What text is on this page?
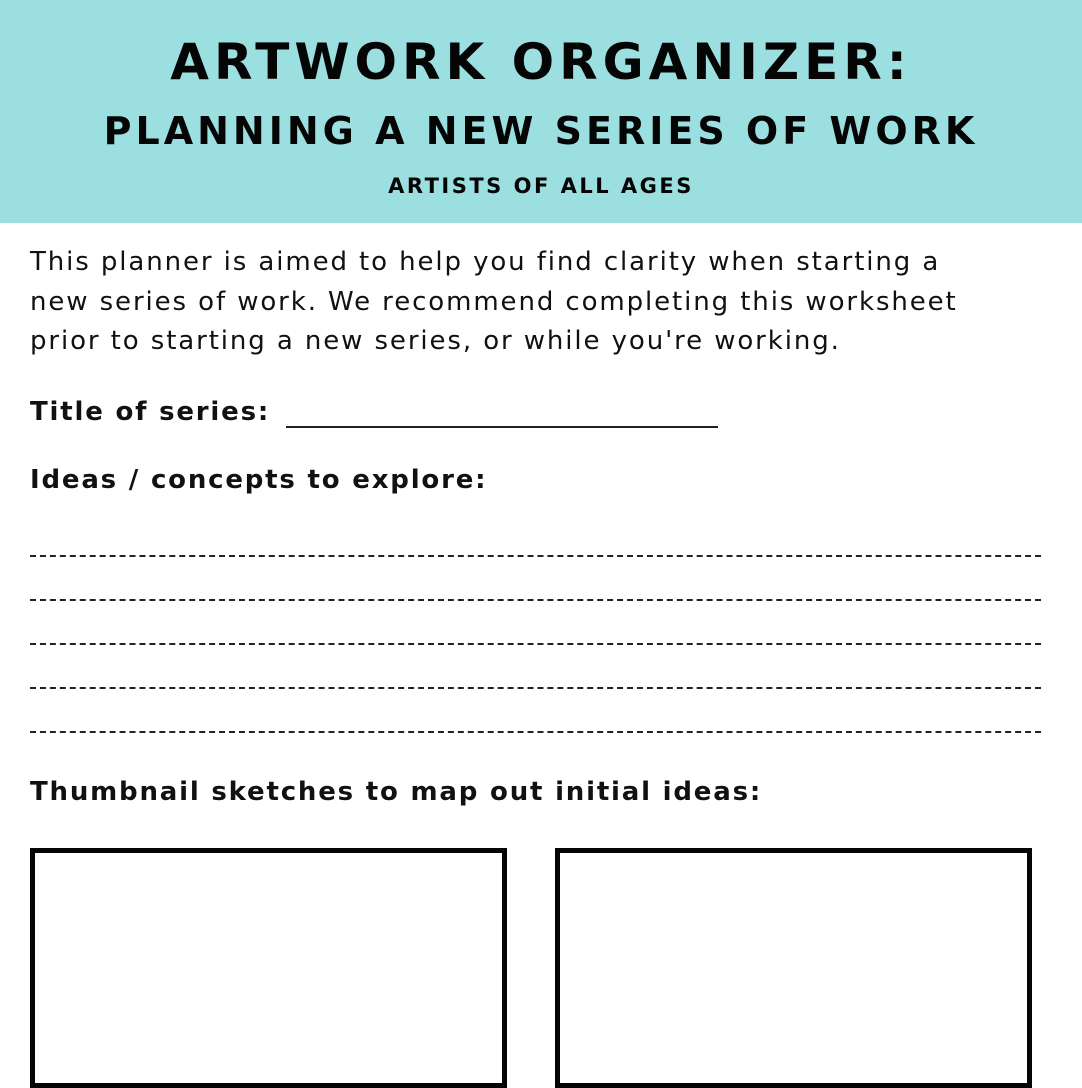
ARTWORK ORGANIZER:
PLANNING A NEW SERIES OF WORK
ARTISTS OF ALL AGES

This planner is aimed to help you find clarity when starting a
new series of work. We recommend completing this worksheet
prior to starting a new series, or while you're working.

Title of series:
Ideas / concepts to explore:
Thumbnail sketches to map out initial ideas:
